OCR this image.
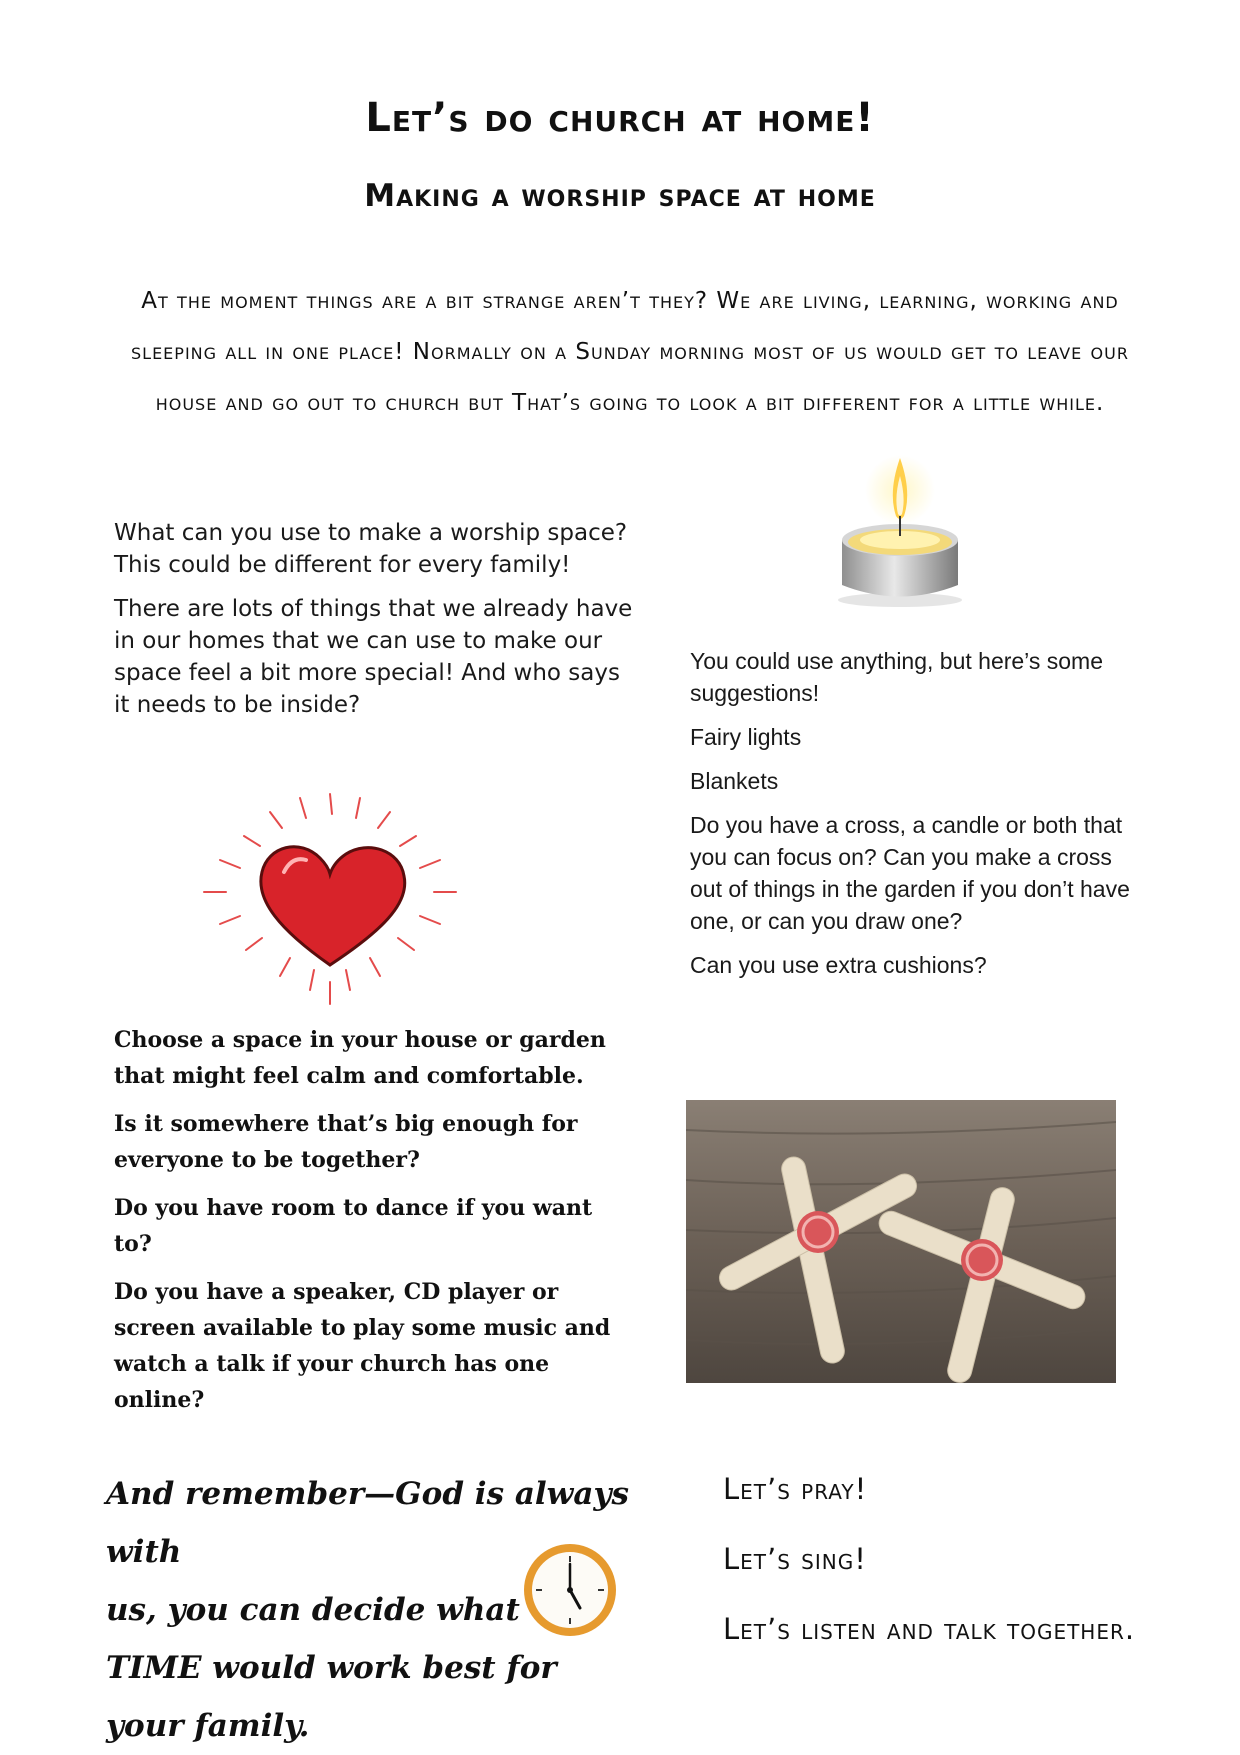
Let’s do church at home!
Making a worship space at home
At the moment things are a bit strange aren’t they? We are living, learning, working and sleeping all in one place! Normally on a Sunday morning most of us would get to leave our house and go out to church but That’s going to look a bit different for a little while.

What can you use to make a worship space? This could be different for every family!

There are lots of things that we already have in our homes that we can use to make our space feel a bit more special! And who says it needs to be inside?

You could use anything, but here’s some suggestions!

Fairy lights

Blankets

Do you have a cross, a candle or both that you can focus on? Can you make a cross out of things in the garden if you don’t have one, or can you draw one?

Can you use extra cushions?

Choose a space in your house or garden that might feel calm and comfortable.

Is it somewhere that’s big enough for everyone to be together?

Do you have room to dance if you want to?

Do you have a speaker, CD player or screen available to play some music and watch a talk if your church has one online?

And remember—God is always with
us, you can decide what
TIME would work best for
your family.
Let’s pray!
Let’s sing!
Let’s listen and talk together.
